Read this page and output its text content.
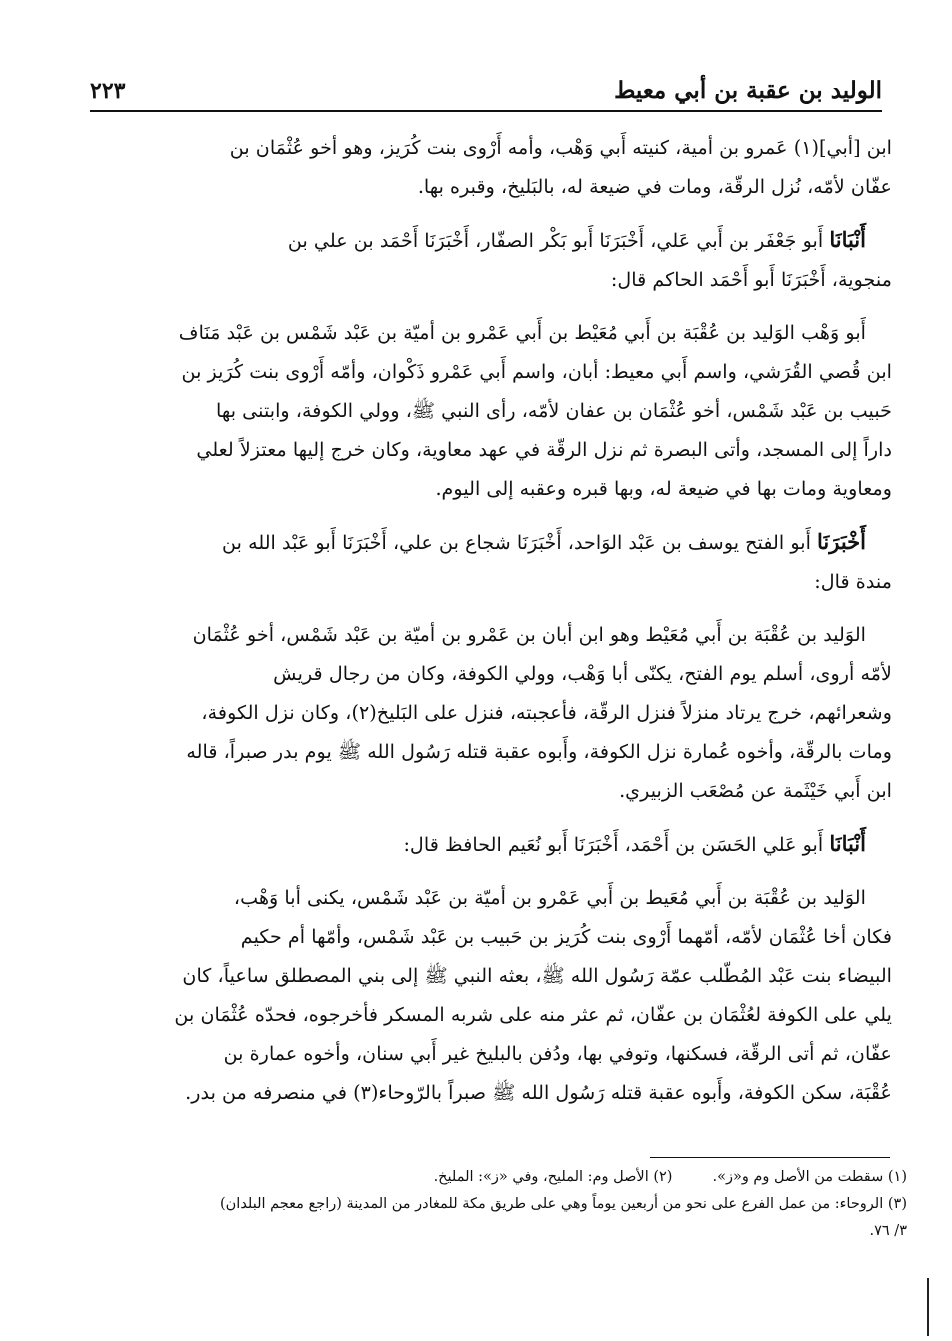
٢٢٣	الوليد بن عقبة بن أبي معيط

ابن [أبي](١) عَمرو بن أمية، كنيته أَبي وَهْب، وأمه أَرْوى بنت كُرَيز، وهو أخو عُثْمَان بن
عفّان لأمّه، نُزل الرقّة، ومات في ضيعة له، بالبَليخ، وقبره بها.

أَنْبَانَا أَبو جَعْفَر بن أَبي عَلي، أَخْبَرَنَا أَبو بَكْر الصفّار، أَخْبَرَنَا أَحْمَد بن علي بن
منجوية، أَخْبَرَنَا أَبو أَحْمَد الحاكم قال:

أَبو وَهْب الوَليد بن عُقْبَة بن أَبي مُعَيْط بن أَبي عَمْرو بن أميّة بن عَبْد شَمْس بن عَبْد مَنَاف
ابن قُصي القُرَشي، واسم أَبي معيط: أبان، واسم أَبي عَمْرو ذَكْوان، وأمّه أَرْوى بنت كُرَيز بن
حَبيب بن عَبْد شَمْس، أخو عُثْمَان بن عفان لأمّه، رأى النبي ﷺ، وولي الكوفة، وابتنى بها
داراً إلى المسجد، وأتى البصرة ثم نزل الرقّة في عهد معاوية، وكان خرج إليها معتزلاً لعلي
ومعاوية ومات بها في ضيعة له، وبها قبره وعقبه إلى اليوم.

أَخْبَرَنَا أَبو الفتح يوسف بن عَبْد الوَاحد، أَخْبَرَنَا شجاع بن علي، أَخْبَرَنَا أَبو عَبْد الله بن
مندة قال:

الوَليد بن عُقْبَة بن أَبي مُعَيْط وهو ابن أبان بن عَمْرو بن أميّة بن عَبْد شَمْس، أخو عُثْمَان
لأمّه أروى، أسلم يوم الفتح، يكنّى أبا وَهْب، وولي الكوفة، وكان من رجال قريش
وشعرائهم، خرج يرتاد منزلاً فنزل الرقّة، فأعجبته، فنزل على البَليخ(٢)، وكان نزل الكوفة،
ومات بالرقّة، وأخوه عُمارة نزل الكوفة، وأَبوه عقبة قتله رَسُول الله ﷺ يوم بدر صبراً، قاله
ابن أَبي خَيْثَمة عن مُصْعَب الزبيري.

أَنْبَانَا أَبو عَلي الحَسَن بن أَحْمَد، أَخْبَرَنَا أَبو نُعَيم الحافظ قال:

الوَليد بن عُقْبَة بن أَبي مُعَيط بن أَبي عَمْرو بن أميّة بن عَبْد شَمْس، يكنى أبا وَهْب،
فكان أخا عُثْمَان لأمّه، أمّهما أَرْوى بنت كُرَيز بن حَبيب بن عَبْد شَمْس، وأمّها أم حكيم
البيضاء بنت عَبْد المُطّلب عمّة رَسُول الله ﷺ، بعثه النبي ﷺ إلى بني المصطلق ساعياً، كان
يلي على الكوفة لعُثْمَان بن عفّان، ثم عثر منه على شربه المسكر فأخرجوه، فحدّه عُثْمَان بن
عفّان، ثم أتى الرقّة، فسكنها، وتوفي بها، ودُفن بالبليخ غير أَبي سنان، وأخوه عمارة بن
عُقْبَة، سكن الكوفة، وأَبوه عقبة قتله رَسُول الله ﷺ صبراً بالرّوحاء(٣) في منصرفه من بدر.

(١) سقطت من الأصل وم و«ز».

(٢) الأصل وم: المليح، وفي «ز»: المليخ.

(٣) الروحاء: من عمل الفرع على نحو من أربعين يوماً وهي على طريق مكة للمغادر من المدينة (راجع معجم البلدان)

٣/ ٧٦.
